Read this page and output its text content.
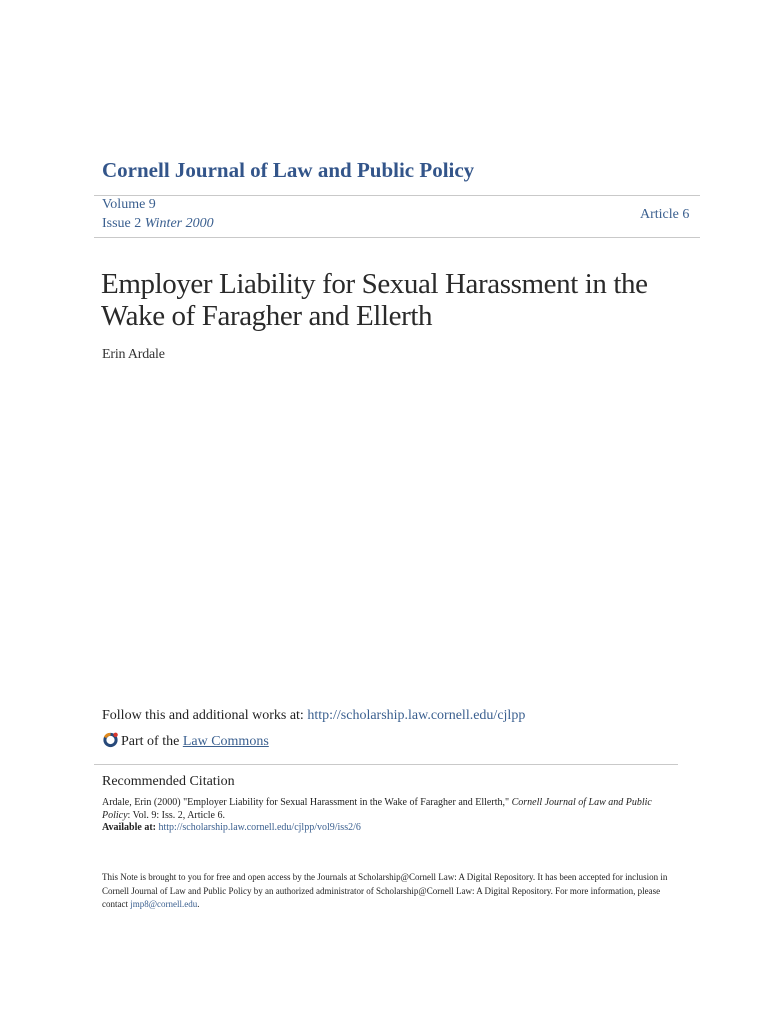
Cornell Journal of Law and Public Policy
Volume 9
Issue 2 Winter 2000
Article 6
Employer Liability for Sexual Harassment in the Wake of Faragher and Ellerth
Erin Ardale
Follow this and additional works at: http://scholarship.law.cornell.edu/cjlpp
Part of the Law Commons
Recommended Citation
Ardale, Erin (2000) "Employer Liability for Sexual Harassment in the Wake of Faragher and Ellerth," Cornell Journal of Law and Public Policy: Vol. 9: Iss. 2, Article 6.
Available at: http://scholarship.law.cornell.edu/cjlpp/vol9/iss2/6
This Note is brought to you for free and open access by the Journals at Scholarship@Cornell Law: A Digital Repository. It has been accepted for inclusion in Cornell Journal of Law and Public Policy by an authorized administrator of Scholarship@Cornell Law: A Digital Repository. For more information, please contact jmp8@cornell.edu.
